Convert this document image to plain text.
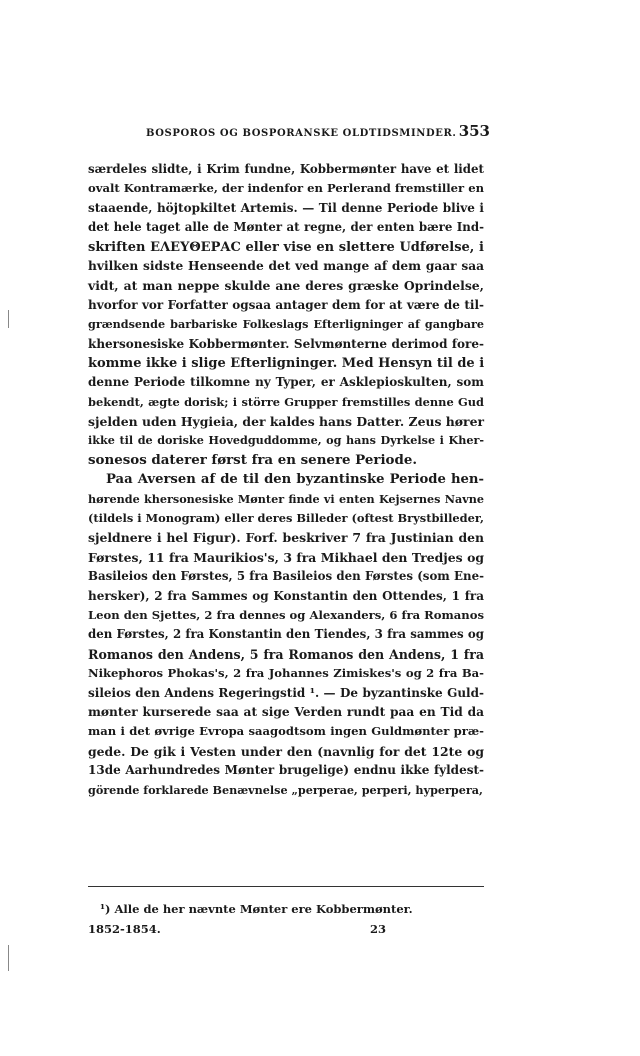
BOSPOROS OG BOSPORANSKE OLDTIDSMINDER. 353
særdeles slidte, i Krim fundne, Kobbermønter have et lidet
ovalt Kontramærke, der indenfor en Perlerand fremstiller en
staaende, höjtopkiltet Artemis. — Til denne Periode blive i
det hele taget alle de Mønter at regne, der enten bære Ind-
skriften ΕΛΕΥΘΕΡΑC eller vise en slettere Udførelse, i
hvilken sidste Henseende det ved mange af dem gaar saa
vidt, at man neppe skulde ane deres græske Oprindelse,
hvorfor vor Forfatter ogsaa antager dem for at være de til-
grændsende barbariske Folkeslags Efterligninger af gangbare
khersonesiske Kobbermønter. Selvmønterne derimod fore-
komme ikke i slige Efterligninger. Med Hensyn til de i
denne Periode tilkomne ny Typer, er Asklepioskulten, som
bekendt, ægte dorisk; i större Grupper fremstilles denne Gud
sjelden uden Hygieia, der kaldes hans Datter. Zeus hører
ikke til de doriske Hovedguddomme, og hans Dyrkelse i Kher-
sonesos daterer først fra en senere Periode.
Paa Aversen af de til den byzantinske Periode hen-
hørende khersonesiske Mønter finde vi enten Kejsernes Navne
(tildels i Monogram) eller deres Billeder (oftest Brystbilleder,
sjeldnere i hel Figur). Forf. beskriver 7 fra Justinian den
Førstes, 11 fra Maurikios's, 3 fra Mikhael den Tredjes og
Basileios den Førstes, 5 fra Basileios den Førstes (som Ene-
hersker), 2 fra Sammes og Konstantin den Ottendes, 1 fra
Leon den Sjettes, 2 fra dennes og Alexanders, 6 fra Romanos
den Førstes, 2 fra Konstantin den Tiendes, 3 fra sammes og
Romanos den Andens, 5 fra Romanos den Andens, 1 fra
Nikephoros Phokas's, 2 fra Johannes Zimiskes's og 2 fra Ba-
sileios den Andens Regeringstid ¹. — De byzantinske Guld-
mønter kurserede saa at sige Verden rundt paa en Tid da
man i det øvrige Evropa saagodtsom ingen Guldmønter præ-
gede. De gik i Vesten under den (navnlig for det 12te og
13de Aarhundredes Mønter brugelige) endnu ikke fyldest-
görende forklarede Benævnelse „perperae, perperi, hyperpera,
¹) Alle de her nævnte Mønter ere Kobbermønter.
1852-1854.	23
